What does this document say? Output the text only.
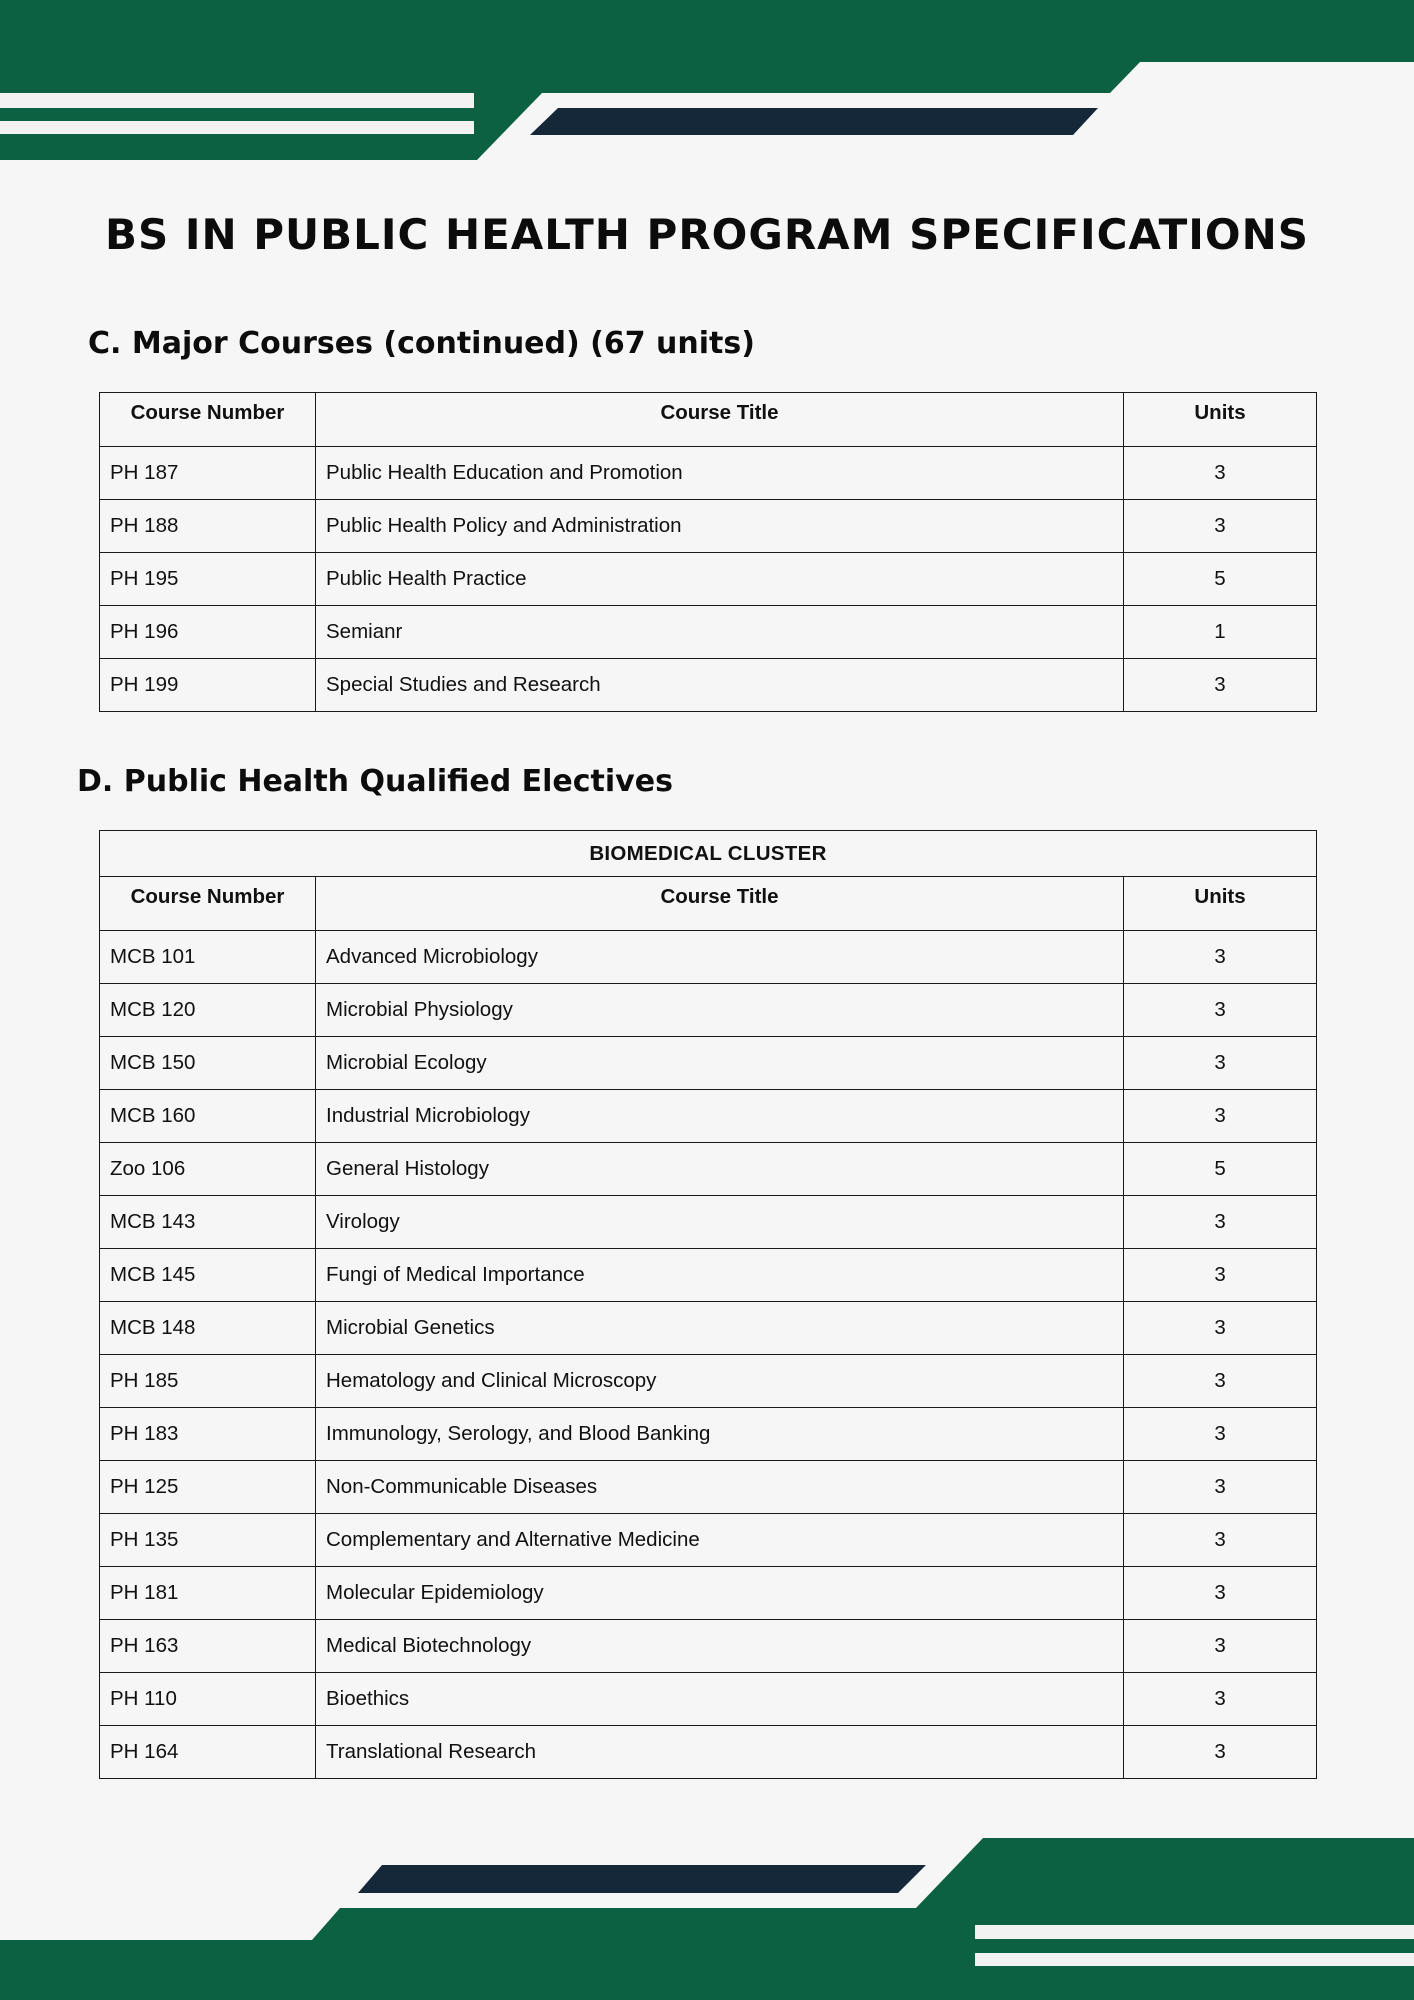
BS IN PUBLIC HEALTH PROGRAM SPECIFICATIONS
C. Major Courses (continued) (67 units)
Course Number	Course Title	Units
PH 187	Public Health Education and Promotion	3
PH 188	Public Health Policy and Administration	3
PH 195	Public Health Practice	5
PH 196	Semianr	1
PH 199	Special Studies and Research	3
D. Public Health Qualified Electives
BIOMEDICAL CLUSTER		
Course Number	Course Title	Units
MCB 101	Advanced Microbiology	3
MCB 120	Microbial Physiology	3
MCB 150	Microbial Ecology	3
MCB 160	Industrial Microbiology	3
Zoo 106	General Histology	5
MCB 143	Virology	3
MCB 145	Fungi of Medical Importance	3
MCB 148	Microbial Genetics	3
PH 185	Hematology and Clinical Microscopy	3
PH 183	Immunology, Serology, and Blood Banking	3
PH 125	Non-Communicable Diseases	3
PH 135	Complementary and Alternative Medicine	3
PH 181	Molecular Epidemiology	3
PH 163	Medical Biotechnology	3
PH 110	Bioethics	3
PH 164	Translational Research	3
